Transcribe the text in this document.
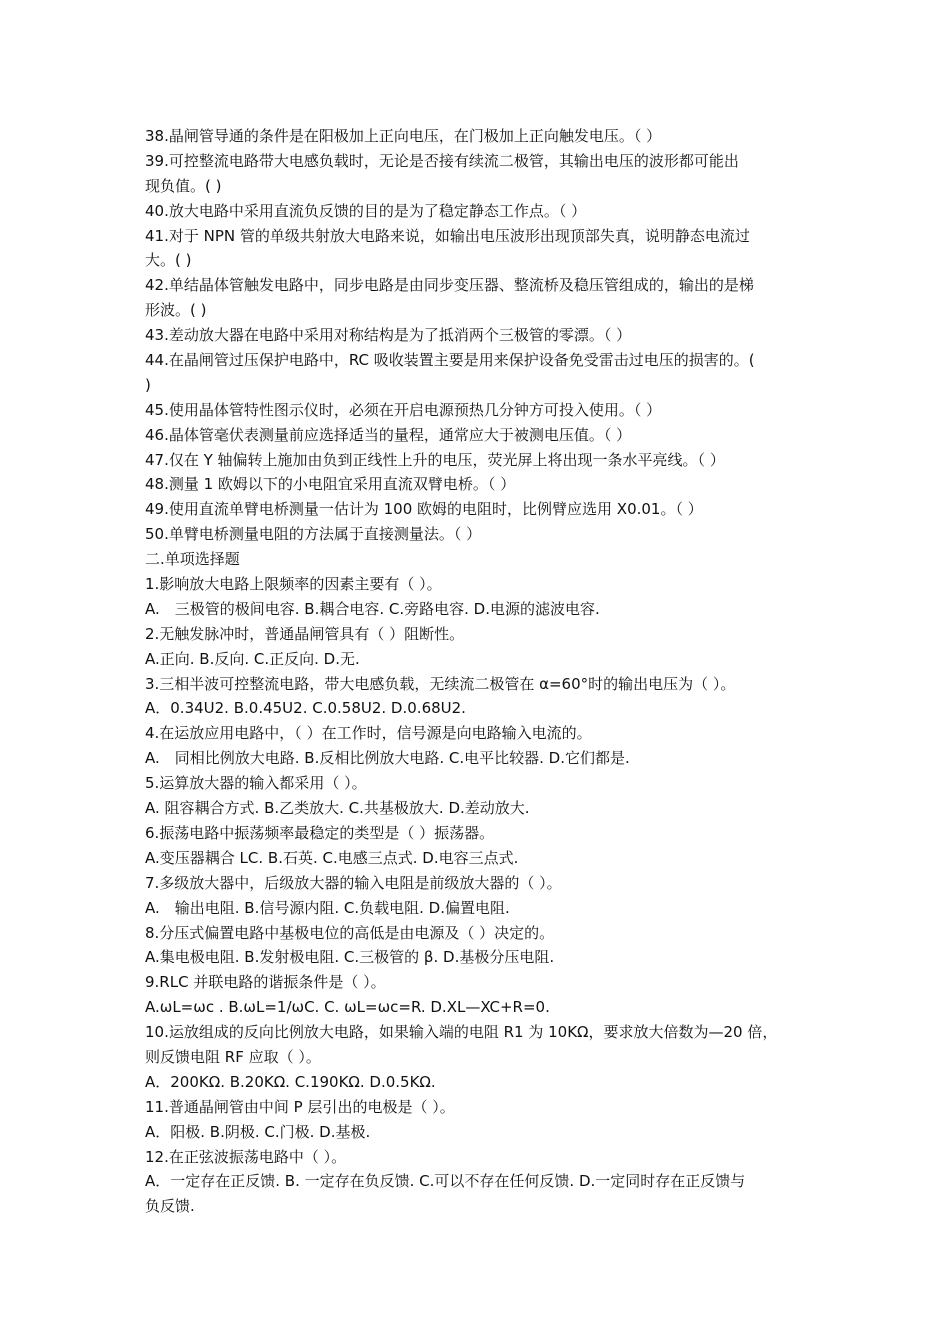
38.晶闸管导通的条件是在阳极加上正向电压，在门极加上正向触发电压。（ ）
39.可控整流电路带大电感负载时，无论是否接有续流二极管，其输出电压的波形都可能出
现负值。( )
40.放大电路中采用直流负反馈的目的是为了稳定静态工作点。（ ）
41.对于 NPN 管的单级共射放大电路来说，如输出电压波形出现顶部失真，说明静态电流过
大。( )
42.单结晶体管触发电路中，同步电路是由同步变压器、整流桥及稳压管组成的，输出的是梯
形波。( )
43.差动放大器在电路中采用对称结构是为了抵消两个三极管的零漂。（ ）
44.在晶闸管过压保护电路中，RC 吸收装置主要是用来保护设备免受雷击过电压的损害的。(
)
45.使用晶体管特性图示仪时，必须在开启电源预热几分钟方可投入使用。（ ）
46.晶体管毫伏表测量前应选择适当的量程，通常应大于被测电压值。（ ）
47.仅在 Y 轴偏转上施加由负到正线性上升的电压，荧光屏上将出现一条水平亮线。（ ）
48.测量 1 欧姆以下的小电阻宜采用直流双臂电桥。（ ）
49.使用直流单臂电桥测量一估计为 100 欧姆的电阻时，比例臂应选用 X0.01。（ ）
50.单臂电桥测量电阻的方法属于直接测量法。（ ）
二.单项选择题
1.影响放大电路上限频率的因素主要有（ ）。
A.　三极管的极间电容. B.耦合电容. C.旁路电容. D.电源的滤波电容.
2.无触发脉冲时，普通晶闸管具有（ ）阻断性。
A.正向. B.反向. C.正反向. D.无.
3.三相半波可控整流电路，带大电感负载，无续流二极管在 α=60°时的输出电压为（ ）。
A．0.34U2. B.0.45U2. C.0.58U2. D.0.68U2.
4.在运放应用电路中，（ ）在工作时，信号源是向电路输入电流的。
A.　同相比例放大电路. B.反相比例放大电路. C.电平比较器. D.它们都是.
5.运算放大器的输入都采用（ ）。
A. 阻容耦合方式. B.乙类放大. C.共基极放大. D.差动放大.
6.振荡电路中振荡频率最稳定的类型是（ ）振荡器。
A.变压器耦合 LC. B.石英. C.电感三点式. D.电容三点式.
7.多级放大器中，后级放大器的输入电阻是前级放大器的（ ）。
A.　输出电阻. B.信号源内阻. C.负载电阻. D.偏置电阻.
8.分压式偏置电路中基极电位的高低是由电源及（ ）决定的。
A.集电极电阻. B.发射极电阻. C.三极管的 β. D.基极分压电阻.
9.RLC 并联电路的谐振条件是（ ）。
A.ωL=ωc . B.ωL=1/ωC. C. ωL=ωc=R. D.XL—XC+R=0.
10.运放组成的反向比例放大电路，如果输入端的电阻 R1 为 10KΩ，要求放大倍数为—20 倍，
则反馈电阻 RF 应取（ ）。
A．200KΩ. B.20KΩ. C.190KΩ. D.0.5KΩ.
11.普通晶闸管由中间 P 层引出的电极是（ ）。
A．阳极. B.阴极. C.门极. D.基极.
12.在正弦波振荡电路中（ ）。
A．一定存在正反馈. B. 一定存在负反馈. C.可以不存在任何反馈. D.一定同时存在正反馈与
负反馈.
